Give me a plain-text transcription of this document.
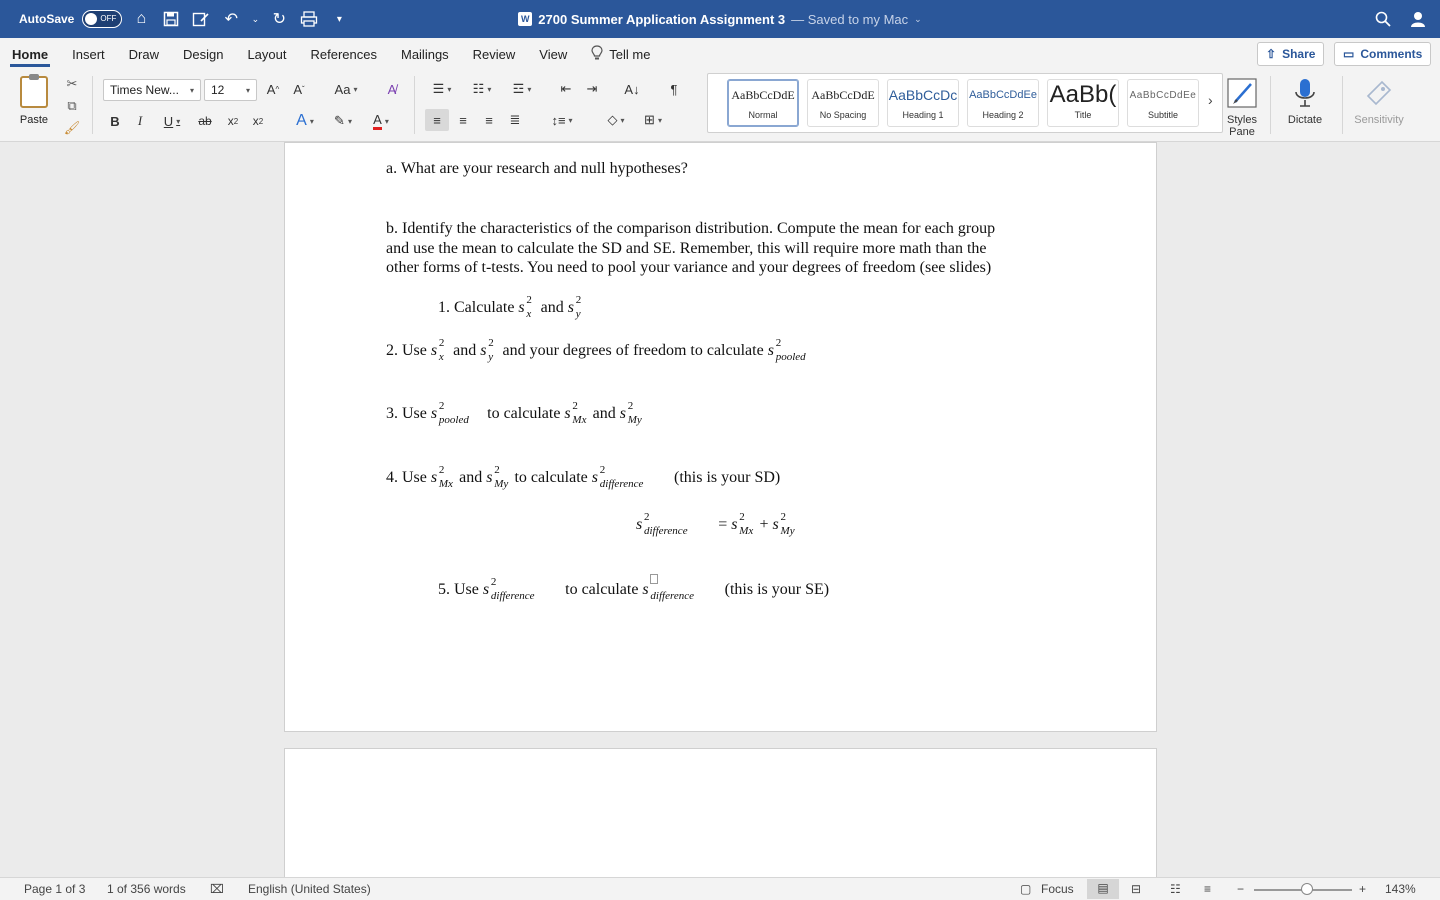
AutoSave	OFF	⌂	↶	⌄ ↻	▾	W 2700 Summer Application Assignment 3 — Saved to my Mac ⌄
Home	Insert	Draw	Design	Layout	References	Mailings	Review	View	Tell me	⇧ Share ▭ Comments
Paste
✂
⧉
🖌
Times New... ▾ 12	▾ A ^ A ˇ	Aa ▾	A̸
B	I	U ▾ ab	x 2	x 2	A ▾	✎ ▾ A ▾
☰ ▾	☷ ▾	☲ ▾	⇤	⇥	A↓	¶
≡	≡	≡	≣	↕≡ ▾	◇ ▾	⊞ ▾
AaBbCcDdE
Normal
AaBbCcDdE
No Spacing
AaBbCcDc
Heading 1
AaBbCcDdEe
Heading 2
AaBb(
Title
AaBbCcDdEe
Subtitle
›
Styles Pane
Dictate	Sensitivity
a. What are your research and null hypotheses?
b. Identify the characteristics of the comparison distribution. Compute the mean for each group
and use the mean to calculate the SD and SE. Remember, this will require more math than the
other forms of t-tests. You need to pool your variance and your degrees of freedom (see slides)
1. Calculate s 2
x and s 2
y
2. Use s 2
x and s 2
y and your degrees of freedom to calculate s 2
pooled
3. Use s 2
pooled to calculate s 2
Mx and s 2
My
4. Use s 2
Mx and s 2
My to calculate s 2
difference (this is your SD)
s 2
difference = s 2
Mx + s 2
My
5. Use s 2
difference to calculate s difference (this is your SE)
Page 1 of 3 1 of 356 words ⌧ English (United States)	▢ Focus	▤	⊟ ☷ ≡ −	+ 143%
